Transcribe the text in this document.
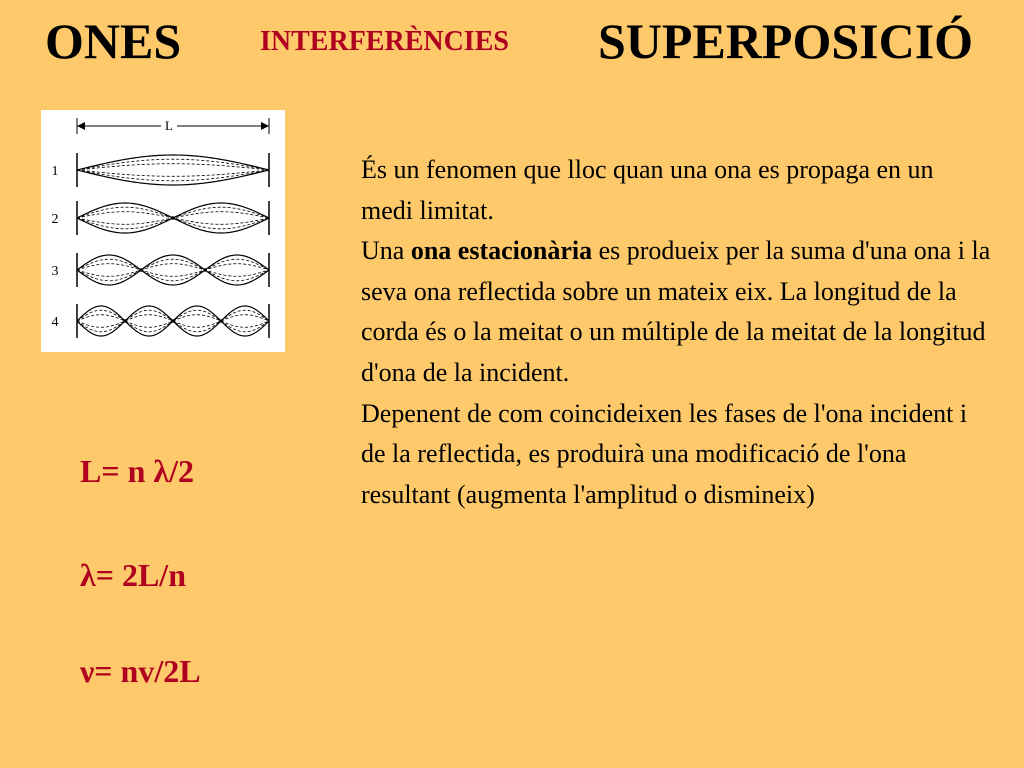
ONES	INTERFERÈNCIES SUPERPOSICIÓ
L
1
2
3
4
L= n λ/2
λ= 2L/n
ν= nv/2L

És un fenomen que lloc quan una ona es propaga en un medi limitat.

Una ona estacionària es produeix per la suma d'una ona i la seva ona reflectida sobre un mateix eix. La longitud de la corda és o la meitat o un múltiple de la meitat de la longitud d'ona de la incident.

Depenent de com coincideixen les fases de l'ona incident i de la reflectida, es produirà una modificació de l'ona resultant (augmenta l'amplitud o dismineix)
